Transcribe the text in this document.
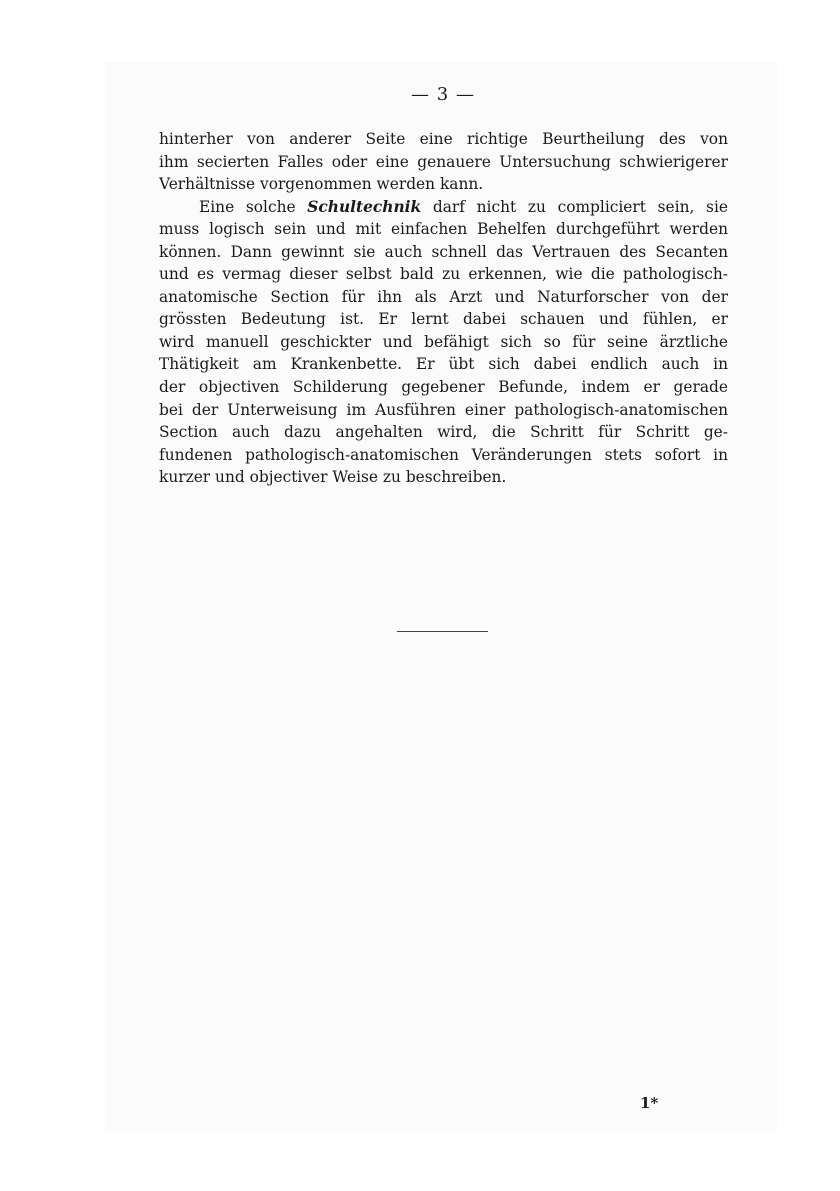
— 3 —
hinterher von anderer Seite eine richtige Beurtheilung des von
ihm secierten Falles oder eine genauere Untersuchung schwierigerer
Verhältnisse vorgenommen werden kann.
Eine solche Schultechnik darf nicht zu compliciert sein, sie
muss logisch sein und mit einfachen Behelfen durchgeführt werden
können. Dann gewinnt sie auch schnell das Vertrauen des Secanten
und es vermag dieser selbst bald zu erkennen, wie die pathologisch-
anatomische Section für ihn als Arzt und Naturforscher von der
grössten Bedeutung ist. Er lernt dabei schauen und fühlen, er
wird manuell geschickter und befähigt sich so für seine ärztliche
Thätigkeit am Krankenbette. Er übt sich dabei endlich auch in
der objectiven Schilderung gegebener Befunde, indem er gerade
bei der Unterweisung im Ausführen einer pathologisch-anatomischen
Section auch dazu angehalten wird, die Schritt für Schritt ge-
fundenen pathologisch-anatomischen Veränderungen stets sofort in
kurzer und objectiver Weise zu beschreiben.
1*
